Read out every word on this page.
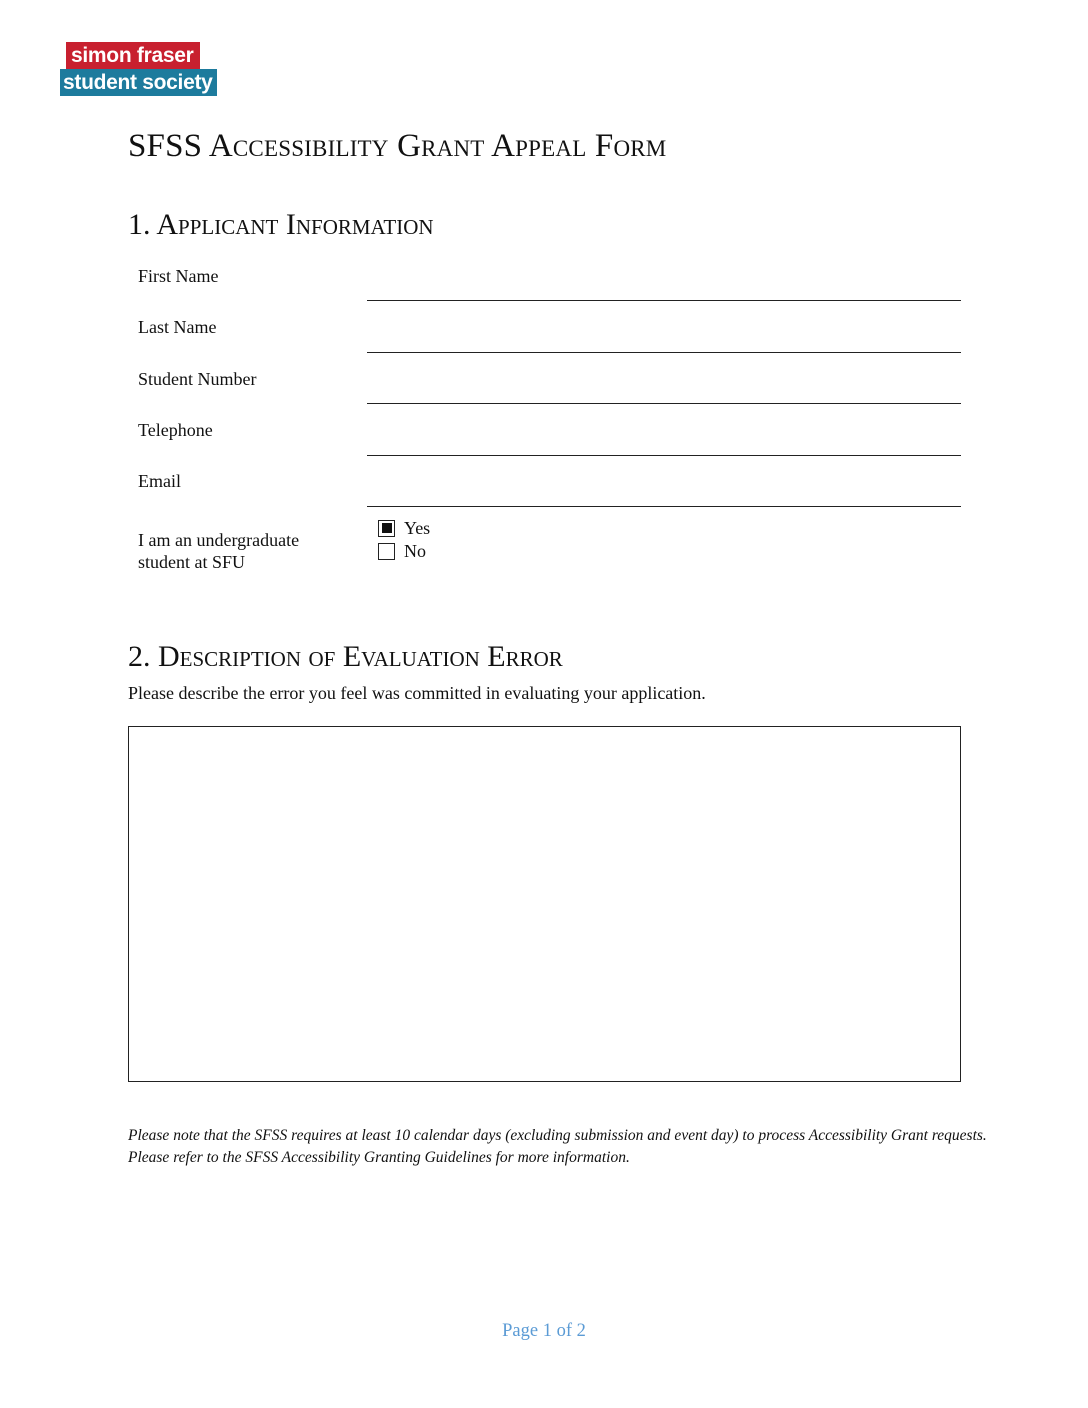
simon fraser
student society
SFSS Accessibility Grant Appeal Form
1. Applicant Information
First Name
Last Name
Student Number
Telephone
Email
I am an undergraduate student at SFU
Yes
No
2. Description of Evaluation Error
Please describe the error you feel was committed in evaluating your application.
Please note that the SFSS requires at least 10 calendar days (excluding submission and event day) to process Accessibility Grant requests.
Please refer to the SFSS Accessibility Granting Guidelines for more information.
Page 1 of 2
